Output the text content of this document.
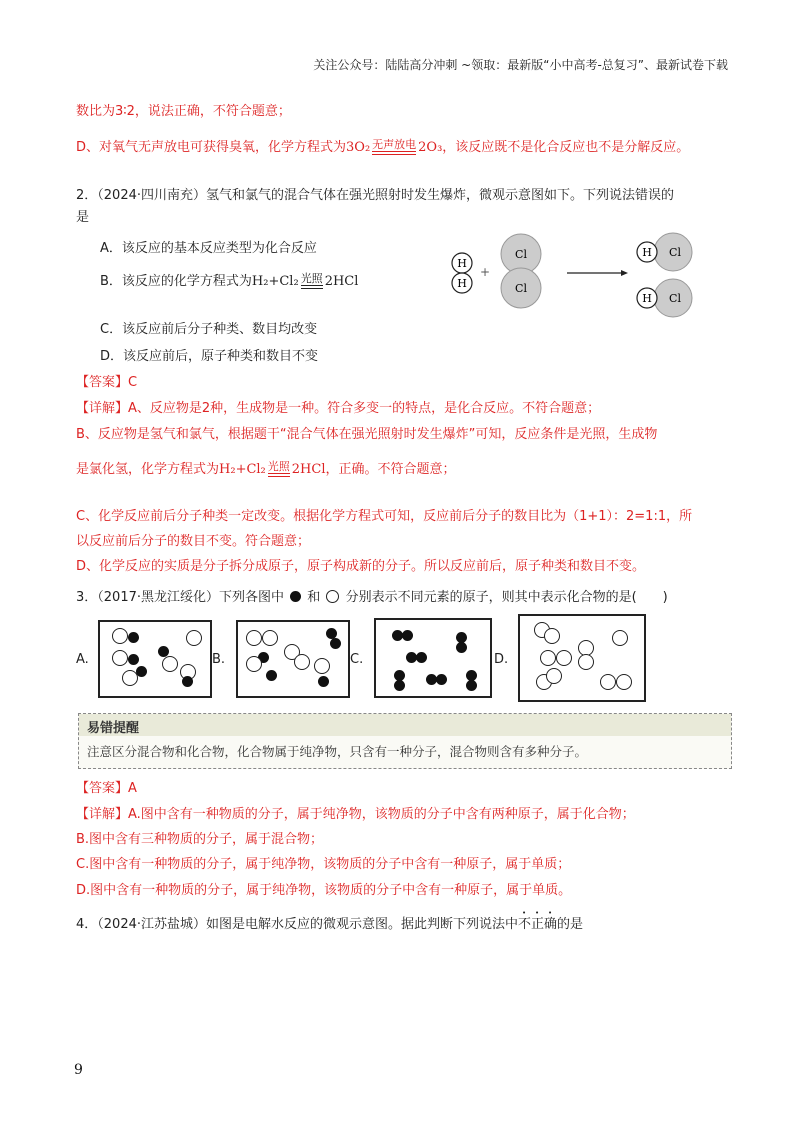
关注公众号：陆陆高分冲刺 ~领取：最新版“小中高考-总复习”、最新试卷下载
数比为3∶2，说法正确，不符合题意；
D、对氧气无声放电可获得臭氧，化学方程式为3O₂ 无声放电 2O₃，该反应既不是化合反应也不是分解反应。
2．（2024·四川南充）氢气和氯气的混合气体在强光照射时发生爆炸，微观示意图如下。下列说法错误的
是
A．该反应的基本反应类型为化合反应
B．该反应的化学方程式为H₂+Cl₂ 光照 2HCl
C．该反应前后分子种类、数目均改变
D．该反应前后，原子种类和数目不变
H
H
+
Cl
Cl
Cl
H
Cl
H
【答案】C
【详解】A、反应物是2种，生成物是一种。符合多变一的特点，是化合反应。不符合题意；
B、反应物是氢气和氯气，根据题干“混合气体在强光照射时发生爆炸”可知，反应条件是光照，生成物
是氯化氢，化学方程式为H₂+Cl₂ 光照 2HCl，正确。不符合题意；
C、化学反应前后分子种类一定改变。根据化学方程式可知，反应前后分子的数目比为（1+1）：2=1:1，所
以反应前后分子的数目不变。符合题意；
D、化学反应的实质是分子拆分成原子，原子构成新的分子。所以反应前后，原子种类和数目不变。
3．（2017·黑龙江绥化）下列各图中 和 分别表示不同元素的原子，则其中表示化合物的是(　　)
A.	B.	C.	D.
易错提醒
注意区分混合物和化合物，化合物属于纯净物，只含有一种分子，混合物则含有多种分子。
【答案】A
【详解】A.图中含有一种物质的分子，属于纯净物，该物质的分子中含有两种原子，属于化合物；
B.图中含有三种物质的分子，属于混合物；
C.图中含有一种物质的分子，属于纯净物，该物质的分子中含有一种原子，属于单质；
D.图中含有一种物质的分子，属于纯净物，该物质的分子中含有一种原子，属于单质。
4．（2024·江苏盐城）如图是电解水反应的微观示意图。据此判断下列说法中不正确的是
9
